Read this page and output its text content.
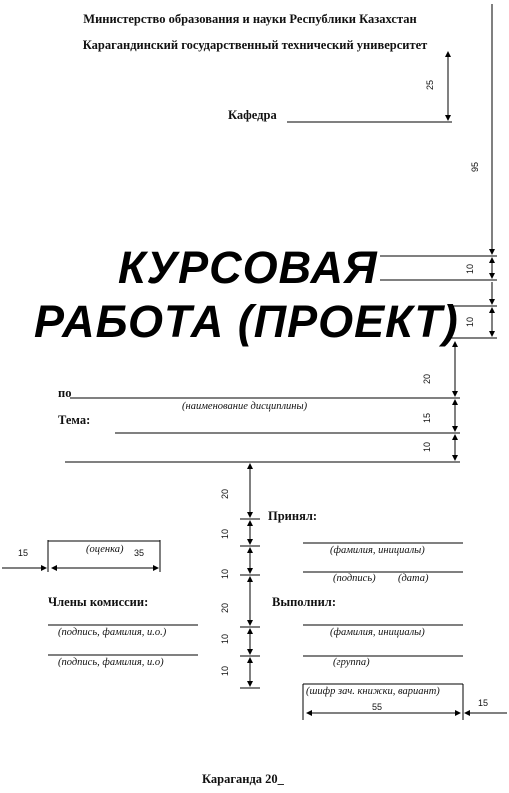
Министерство образования и науки Республики Казахстан
Карагандинский государственный технический университет
Кафедра
КУРСОВАЯ
РАБОТА (ПРОЕКТ)
по
(наименование дисциплины)
Тема:
Принял:
(фамилия, инициалы)
(подпись) (дата)
(оценка)
Члены комиссии:
(подпись, фамилия, и.о.)
(подпись, фамилия, и.о)
Выполнил:
(фамилия, инициалы)
(группа)
(шифр зач. книжки, вариант)
Караганда 20_
95
25
10
10
20
15
10
20
10
10
20
10
10
15	35
55	15
